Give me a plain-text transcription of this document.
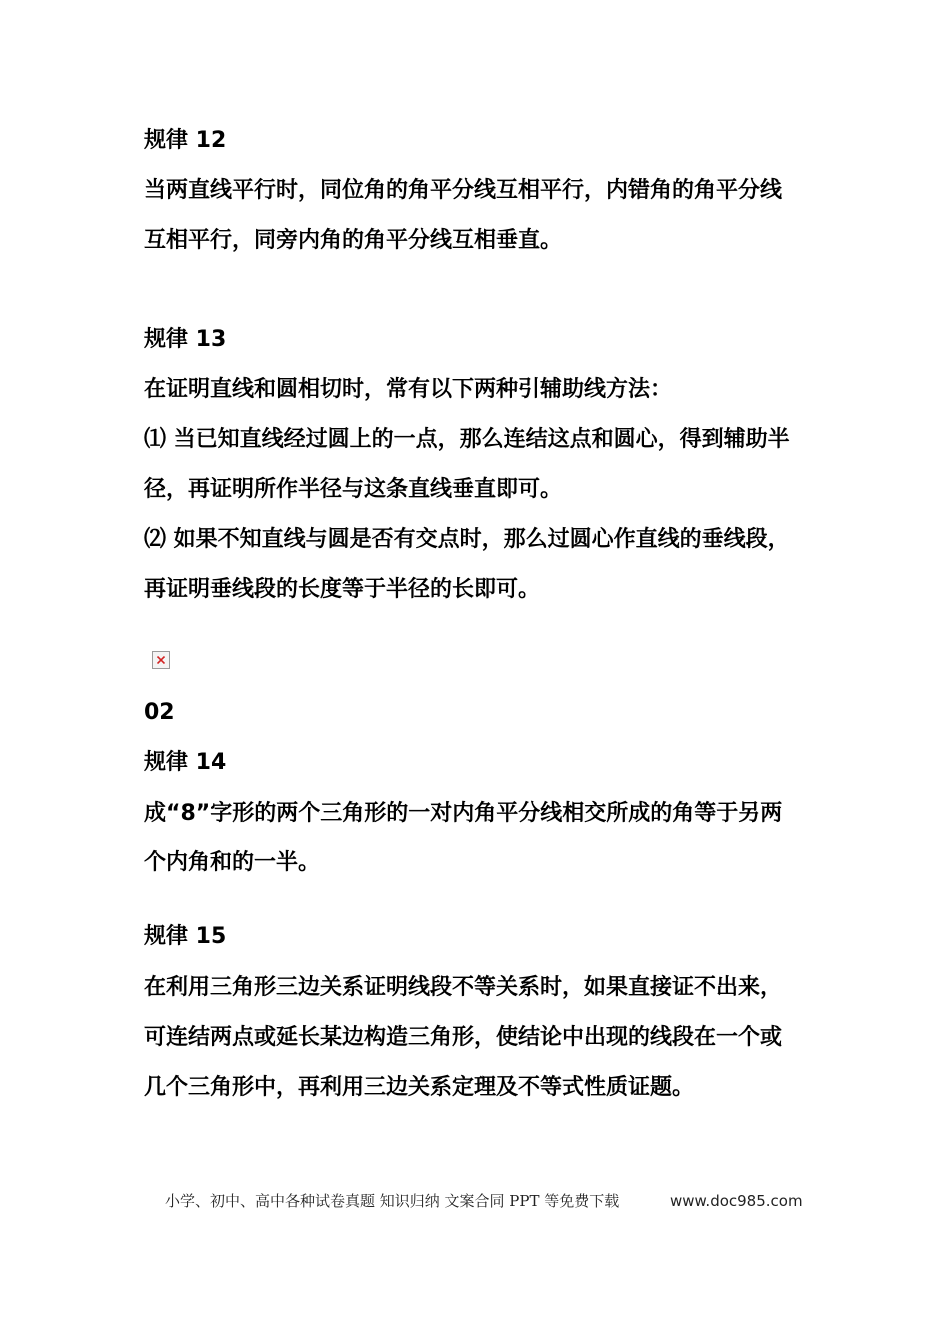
规律 12

当两直线平行时，同位角的角平分线互相平行，内错角的角平分线

互相平行，同旁内角的角平分线互相垂直。

规律 13

在证明直线和圆相切时，常有以下两种引辅助线方法：

⑴ 当已知直线经过圆上的一点，那么连结这点和圆心，得到辅助半

径，再证明所作半径与这条直线垂直即可。

⑵ 如果不知直线与圆是否有交点时，那么过圆心作直线的垂线段，

再证明垂线段的长度等于半径的长即可。

02

规律 14

成“8”字形的两个三角形的一对内角平分线相交所成的角等于另两

个内角和的一半。

规律 15

在利用三角形三边关系证明线段不等关系时，如果直接证不出来，

可连结两点或延长某边构造三角形，使结论中出现的线段在一个或

几个三角形中，再利用三边关系定理及不等式性质证题。

小学、初中、高中各种试卷真题 知识归纳 文案合同 PPT 等免费下载	www.doc985.com
